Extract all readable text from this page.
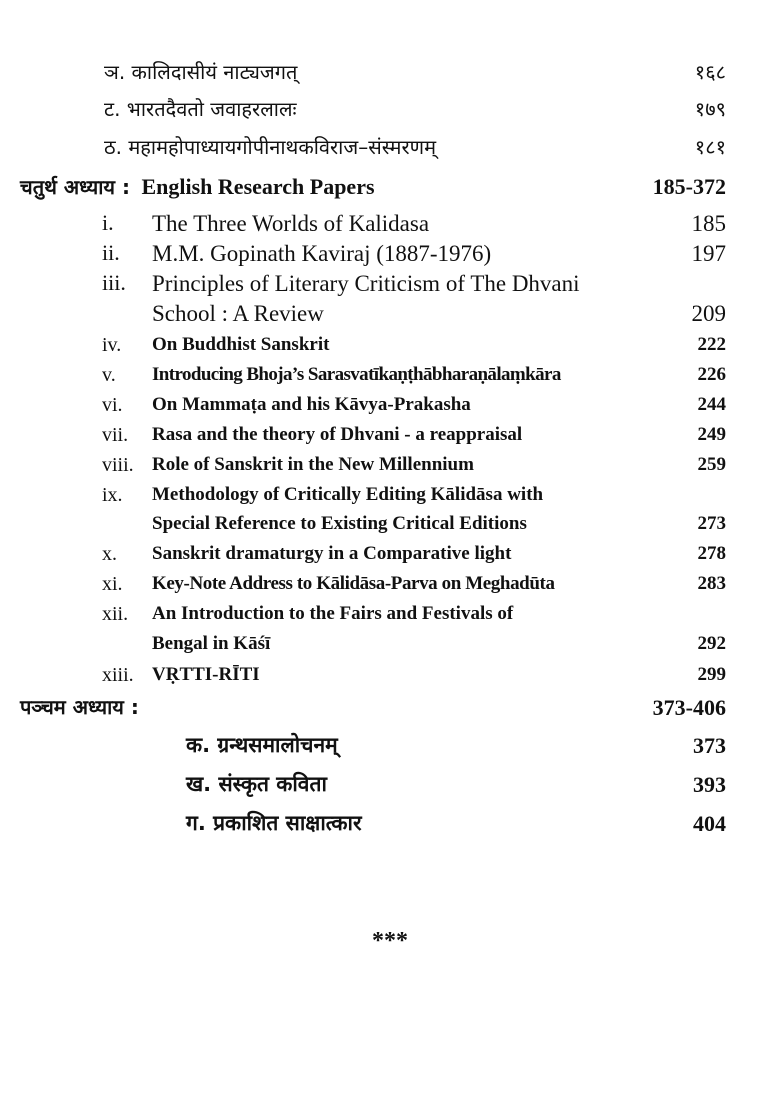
ञ. कालिदासीयं नाट्यजगत्	१६८
ट. भारतदैवतो जवाहरलालः	१७९
ठ. महामहोपाध्यायगोपीनाथकविराज–संस्मरणम्	१८१
चतुर्थ अध्याय : English Research Papers	185-372
i. The Three Worlds of Kalidasa	185
ii. M.M. Gopinath Kaviraj (1887-1976)	197
iii. Principles of Literary Criticism of The Dhvani
School : A Review	209
iv. On Buddhist Sanskrit	222
v. Introducing Bhoja’s Sarasvatīkaṇṭhābharaṇālaṃkāra	226
vi. On Mammaṭa and his Kāvya-Prakasha	244
vii. Rasa and the theory of Dhvani - a reappraisal	249
viii. Role of Sanskrit in the New Millennium	259
ix. Methodology of Critically Editing Kālidāsa with
Special Reference to Existing Critical Editions	273
x. Sanskrit dramaturgy in a Comparative light	278
xi. Key-Note Address to Kālidāsa-Parva on Meghadūta	283
xii. An Introduction to the Fairs and Festivals of
Bengal in Kāśī	292
xiii. VṚTTI-RĪTI	299
पञ्चम अध्याय :	373-406
क. ग्रन्थसमालोचनम्	373
ख. संस्कृत कविता	393
ग. प्रकाशित साक्षात्कार	404
***
